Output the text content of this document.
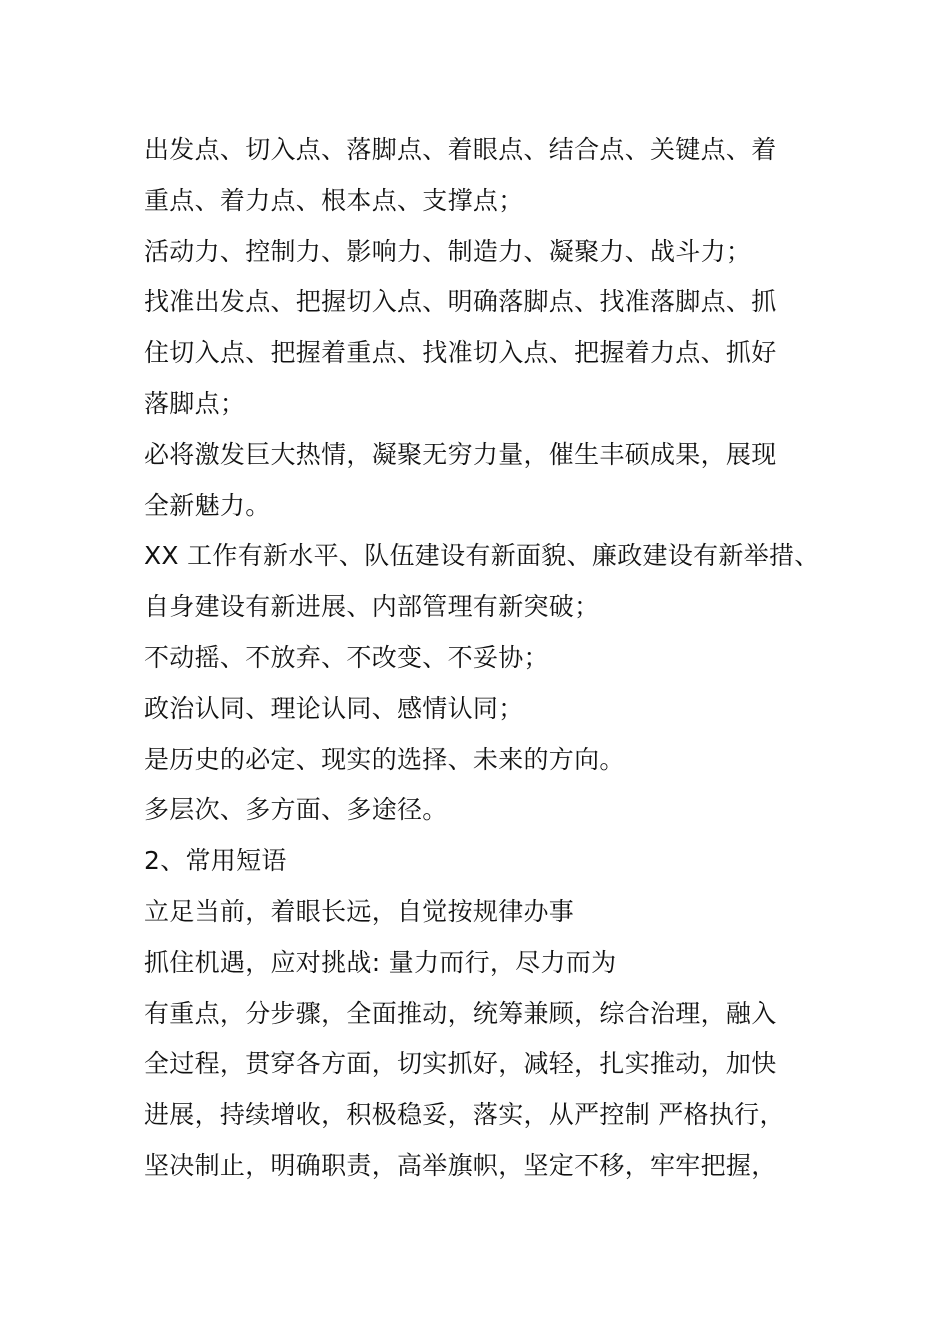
出发点、切入点、落脚点、着眼点、结合点、关键点、着
重点、着力点、根本点、支撑点；
活动力、控制力、影响力、制造力、凝聚力、战斗力；
找准出发点、把握切入点、明确落脚点、找准落脚点、抓
住切入点、把握着重点、找准切入点、把握着力点、抓好
落脚点；
必将激发巨大热情，凝聚无穷力量，催生丰硕成果，展现
全新魅力。
XX 工作有新水平、队伍建设有新面貌、廉政建设有新举措、
自身建设有新进展、内部管理有新突破；
不动摇、不放弃、不改变、不妥协；
政治认同、理论认同、感情认同；
是历史的必定、现实的选择、未来的方向。
多层次、多方面、多途径。
2、常用短语
立足当前，着眼长远，自觉按规律办事
抓住机遇，应对挑战: 量力而行，尽力而为
有重点，分步骤，全面推动，统筹兼顾，综合治理，融入
全过程，贯穿各方面，切实抓好，减轻，扎实推动，加快
进展，持续增收，积极稳妥，落实，从严控制 严格执行，
坚决制止，明确职责，高举旗帜，坚定不移，牢牢把握，
